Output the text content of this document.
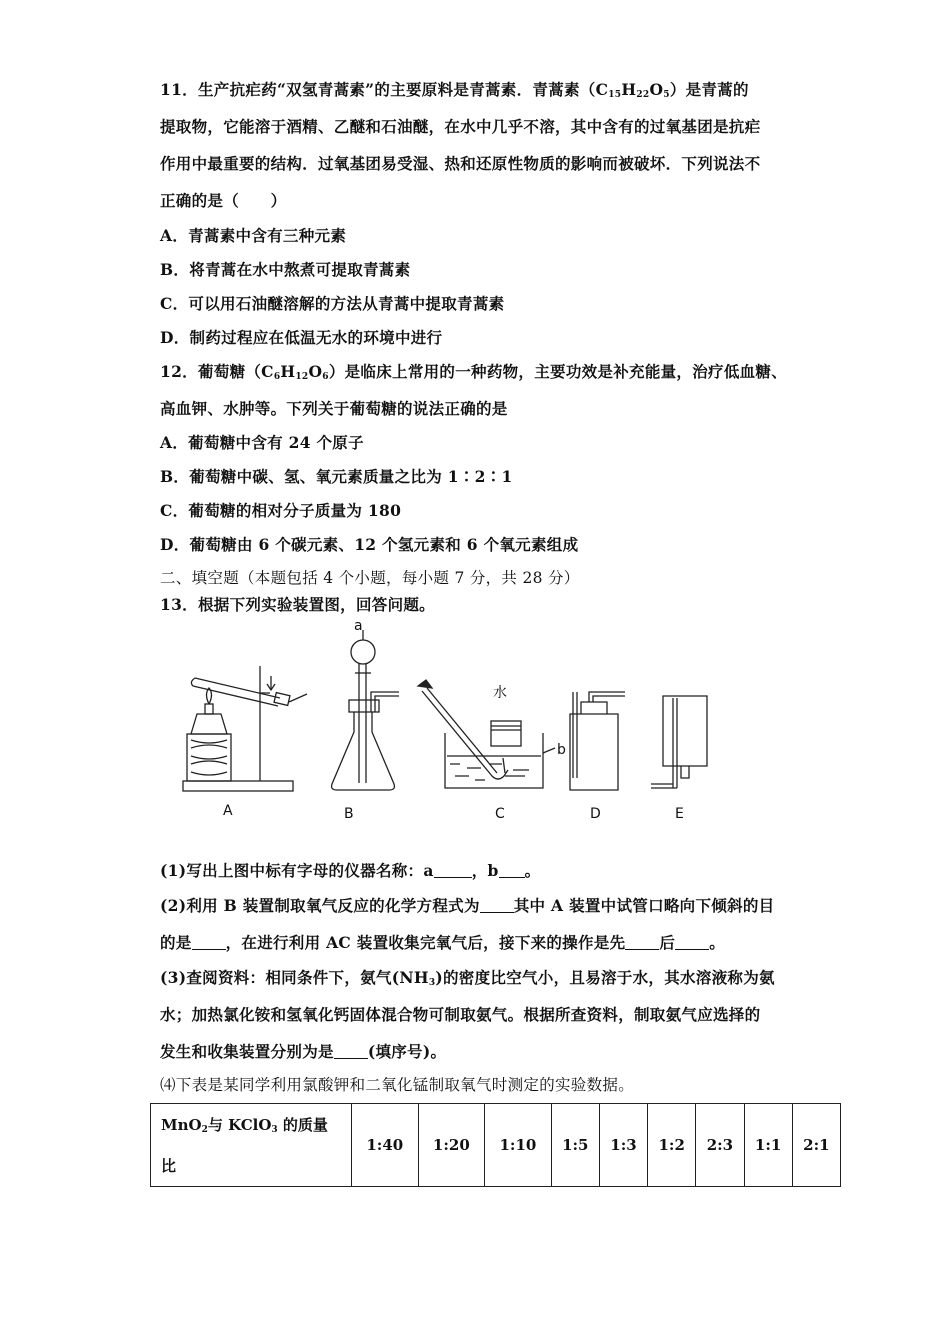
11．生产抗疟药“双氢青蒿素”的主要原料是青蒿素．青蒿素$(C_{15}H_{22}O_5)$是青蒿的
提取物，它能溶于酒精、乙醚和石油醚，在水中几乎不溶，其中含有的过氧基团是抗疟
作用中最重要的结构．过氧基团易受湿、热和还原性物质的影响而被破坏．下列说法不
正确的是（　　）
A．青蒿素中含有三种元素
B．将青蒿在水中熬煮可提取青蒿素
C．可以用石油醚溶解的方法从青蒿中提取青蒿素
D．制药过程应在低温无水的环境中进行
12．葡萄糖$(C_6H_{12}O_6)$是临床上常用的一种药物，主要功效是补充能量，治疗低血糖、
高血钾、水肿等。下列关于葡萄糖的说法正确的是
A．葡萄糖中含有 24 个原子
B．葡萄糖中碳、氢、氧元素质量之比为 1∶2∶1
C．葡萄糖的相对分子质量为 180
D．葡萄糖由 6 个碳元素、12 个氢元素和 6 个氧元素组成
二、填空题（本题包括 4 个小题，每小题 7 分，共 28 分）
13．根据下列实验装置图，回答问题。
a
水
b
A	B	C	D	E
(1)写出上图中标有字母的仪器名称：a ，b 。
(2)利用 B 装置制取氧气反应的化学方程式为 其中 A 装置中试管口略向下倾斜的目
的是 ，在进行利用 AC 装置收集完氧气后，接下来的操作是先 后 。
(3)查阅资料：相同条件下，氨气$(NH_3)$的密度比空气小，且易溶于水，其水溶液称为氨
水；加热氯化铵和氢氧化钙固体混合物可制取氨气。根据所查资料，制取氨气应选择的
发生和收集装置分别为是 (填序号)。
⑷下表是某同学利用氯酸钾和二氧化锰制取氧气时测定的实验数据。
MnO$_2$与 KClO$_3$ 的质量
比	1:40	1:20	1:10	1:5	1:3	1:2	2:3	1:1	2:1
